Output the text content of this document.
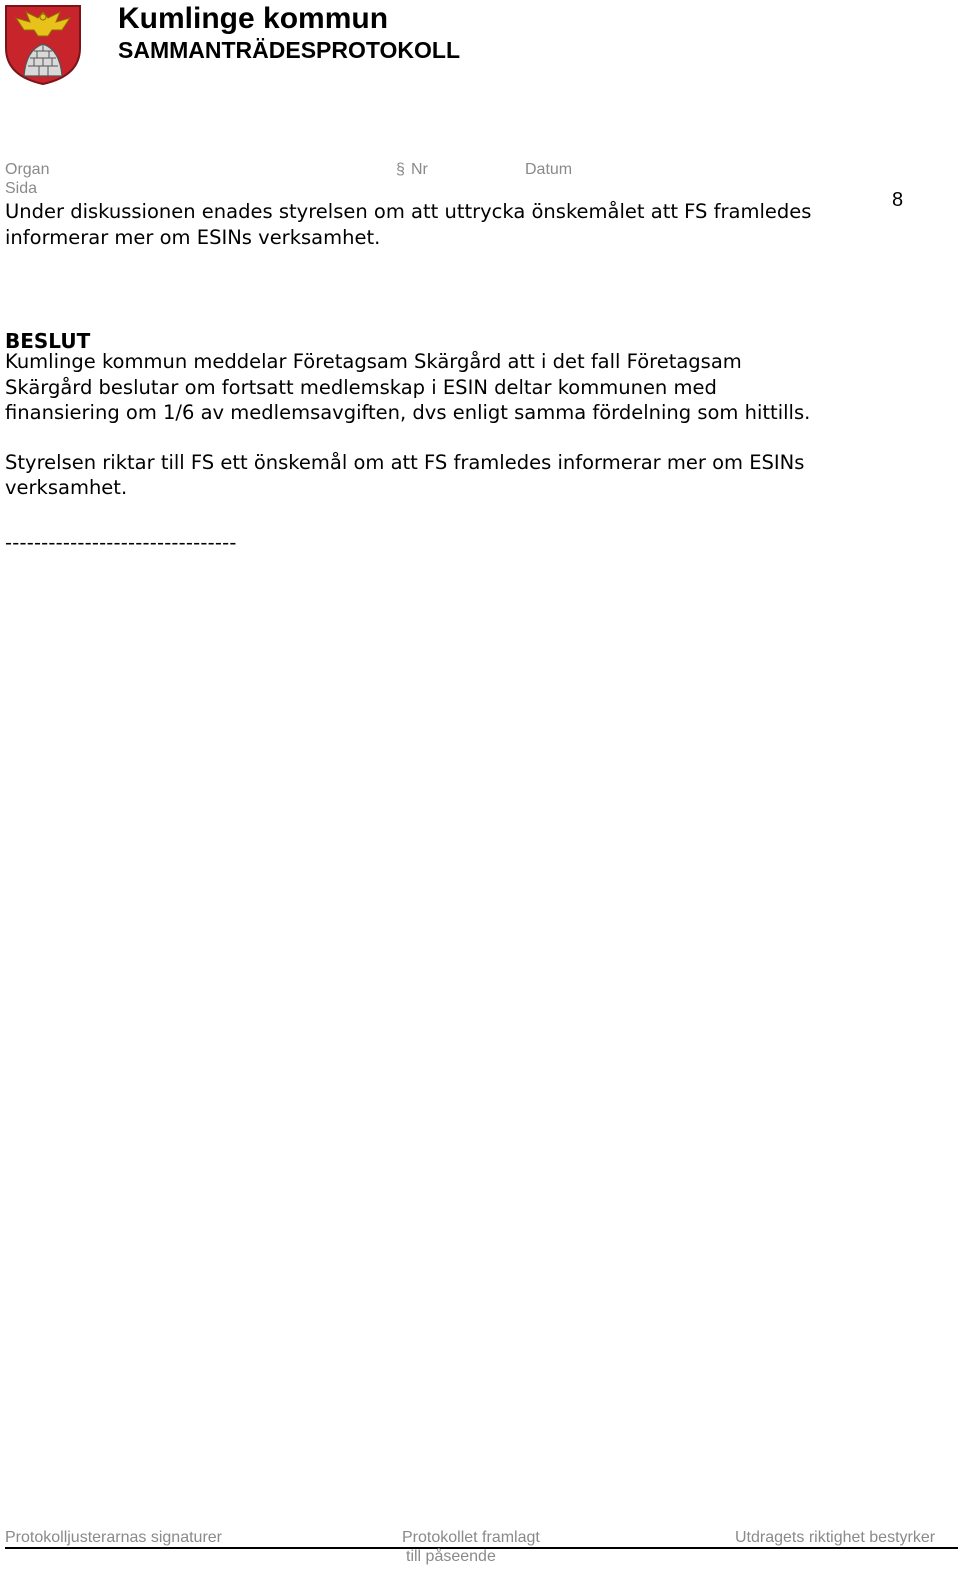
Kumlinge kommun
SAMMANTRÄDESPROTOKOLL
Organ	§ Nr	Datum
Sida
8
Under diskussionen enades styrelsen om att uttrycka önskemålet att FS framledes
informerar mer om ESINs verksamhet.
BESLUT
Kumlinge kommun meddelar Företagsam Skärgård att i det fall Företagsam
Skärgård beslutar om fortsatt medlemskap i ESIN deltar kommunen med
finansiering om 1/6 av medlemsavgiften, dvs enligt samma fördelning som hittills.
Styrelsen riktar till FS ett önskemål om att FS framledes informerar mer om ESINs
verksamhet.
--------------------------------
Protokolljusterarnas signaturer	Protokollet framlagt
till påseende
Utdragets riktighet bestyrker
